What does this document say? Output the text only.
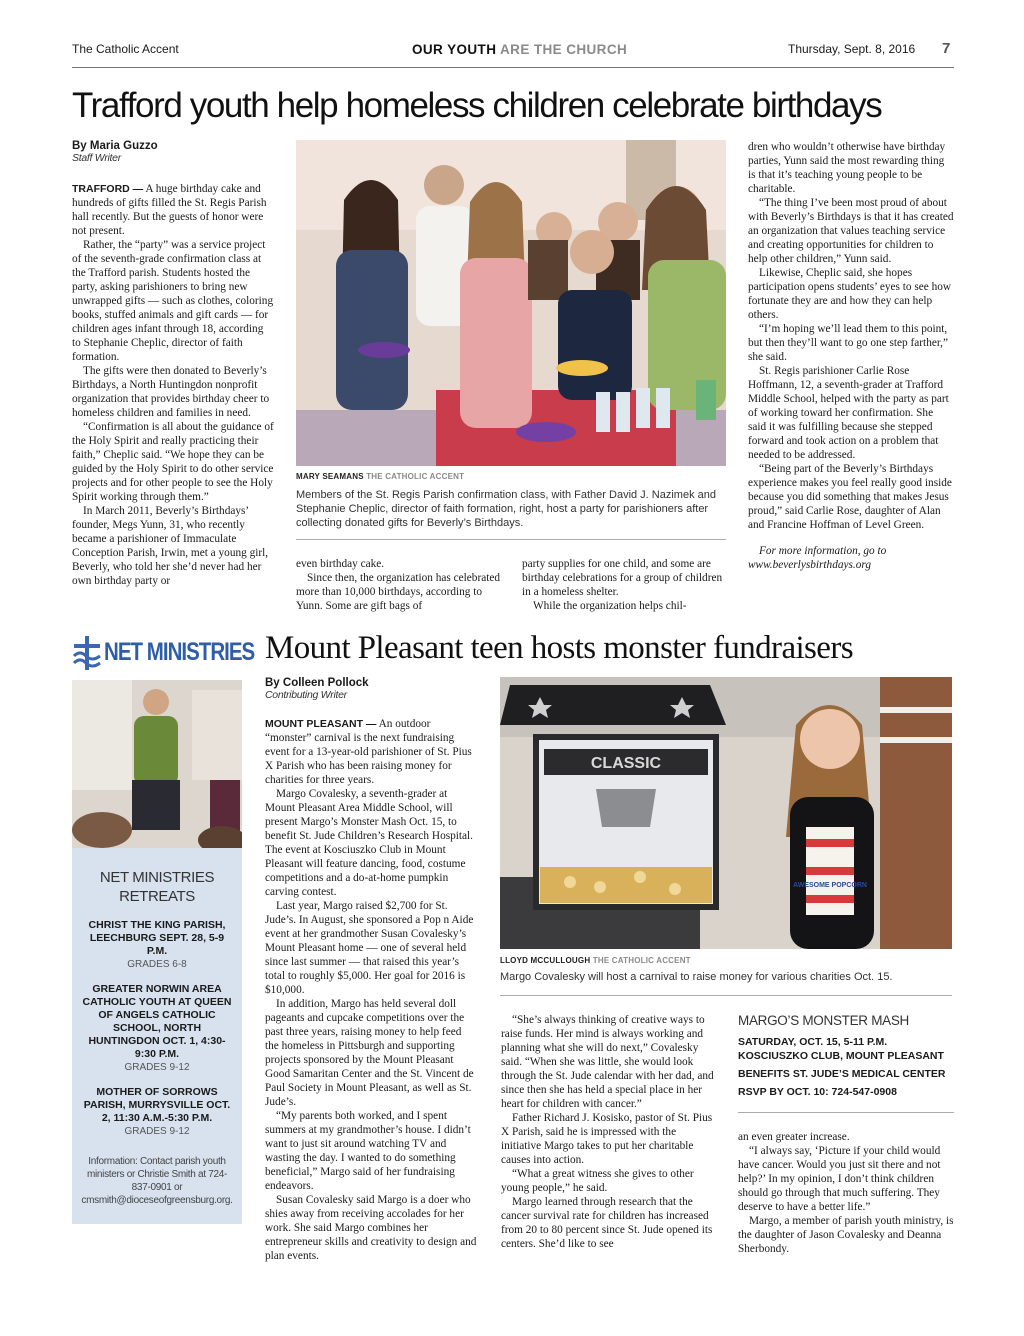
The Catholic Accent	OUR YOUTH ARE THE CHURCH	Thursday, Sept. 8, 2016 7
Trafford youth help homeless children celebrate birthdays
By Maria Guzzo
Staff Writer

TRAFFORD — A huge birthday cake and hundreds of gifts filled the St. Regis Parish hall recently. But the guests of honor were not present.

Rather, the “party” was a service project of the seventh-grade confirmation class at the Trafford parish. Students hosted the party, asking parishioners to bring new unwrapped gifts — such as clothes, coloring books, stuffed animals and gift cards — for children ages infant through 18, according to Stephanie Cheplic, director of faith formation.

The gifts were then donated to Beverly’s Birthdays, a North Huntingdon nonprofit organization that provides birthday cheer to homeless children and families in need.

“Confirmation is all about the guidance of the Holy Spirit and really practicing their faith,” Cheplic said. “We hope they can be guided by the Holy Spirit to do other service projects and for other people to see the Holy Spirit working through them.”

In March 2011, Beverly’s Birthdays’ founder, Megs Yunn, 31, who recently became a parishioner of Immaculate Conception Parish, Irwin, met a young girl, Beverly, who told her she’d never had her own birthday party or

MARY SEAMANS THE CATHOLIC ACCENT
Members of the St. Regis Parish confirmation class, with Father David J. Nazimek and Stephanie Cheplic, director of faith formation, right, host a party for parishioners after collecting donated gifts for Beverly’s Birthdays.

even birthday cake.

Since then, the organization has celebrated more than 10,000 birthdays, according to Yunn. Some are gift bags of

party supplies for one child, and some are birthday celebrations for a group of children in a homeless shelter.

While the organization helps chil-

dren who wouldn’t otherwise have birthday parties, Yunn said the most rewarding thing is that it’s teaching young people to be charitable.

“The thing I’ve been most proud of about with Beverly’s Birthdays is that it has created an organization that values teaching service and creating opportunities for children to help other children,” Yunn said.

Likewise, Cheplic said, she hopes participation opens students’ eyes to see how fortunate they are and how they can help others.

“I’m hoping we’ll lead them to this point, but then they’ll want to go one step farther,” she said.

St. Regis parishioner Carlie Rose Hoffmann, 12, a seventh-grader at Trafford Middle School, helped with the party as part of working toward her confirmation. She said it was fulfilling because she stepped forward and took action on a problem that needed to be addressed.

“Being part of the Beverly’s Birthdays experience makes you feel really good inside because you did something that makes Jesus proud,” said Carlie Rose, daughter of Alan and Francine Hoffman of Level Green.

For more information, go to www.beverlysbirthdays.org

NET MINISTRIES
NET MINISTRIES RETREATS
CHRIST THE KING PARISH, LEECHBURG SEPT. 28, 5-9 P.M.
GRADES 6-8
GREATER NORWIN AREA CATHOLIC YOUTH AT QUEEN OF ANGELS CATHOLIC SCHOOL, NORTH HUNTINGDON OCT. 1, 4:30-9:30 P.M.
GRADES 9-12
MOTHER OF SORROWS PARISH, MURRYSVILLE OCT. 2, 11:30 A.M.-5:30 P.M.
GRADES 9-12
Information: Contact parish youth ministers or Christie Smith at 724-837-0901 or cmsmith@dioceseofgreensburg.org.
Mount Pleasant teen hosts monster fundraisers
By Colleen Pollock
Contributing Writer

MOUNT PLEASANT — An outdoor “monster” carnival is the next fundraising event for a 13-year-old parishioner of St. Pius X Parish who has been raising money for charities for three years.

Margo Covalesky, a seventh-grader at Mount Pleasant Area Middle School, will present Margo’s Monster Mash Oct. 15, to benefit St. Jude Children’s Research Hospital. The event at Kosciuszko Club in Mount Pleasant will feature dancing, food, costume competitions and a do-at-home pumpkin carving contest.

Last year, Margo raised $2,700 for St. Jude’s. In August, she sponsored a Pop n Aide event at her grandmother Susan Covalesky’s Mount Pleasant home — one of several held since last summer — that raised this year’s total to roughly $5,000. Her goal for 2016 is $10,000.

In addition, Margo has held several doll pageants and cupcake competitions over the past three years, raising money to help feed the homeless in Pittsburgh and supporting projects sponsored by the Mount Pleasant Good Samaritan Center and the St. Vincent de Paul Society in Mount Pleasant, as well as St. Jude’s.

“My parents both worked, and I spent summers at my grandmother’s house. I didn’t want to just sit around watching TV and wasting the day. I wanted to do something beneficial,” Margo said of her fundraising endeavors.

Susan Covalesky said Margo is a doer who shies away from receiving accolades for her work. She said Margo combines her entrepreneur skills and creativity to design and plan events.

CLASSIC
AWESOME POPCORN
LLOYD MCCULLOUGH THE CATHOLIC ACCENT
Margo Covalesky will host a carnival to raise money for various charities Oct. 15.

“She’s always thinking of creative ways to raise funds. Her mind is always working and planning what she will do next,” Covalesky said. “When she was little, she would look through the St. Jude calendar with her dad, and since then she has held a special place in her heart for children with cancer.”

Father Richard J. Kosisko, pastor of St. Pius X Parish, said he is impressed with the initiative Margo takes to put her charitable causes into action.

“What a great witness she gives to other young people,” he said.

Margo learned through research that the cancer survival rate for children has increased from 20 to 80 percent since St. Jude opened its centers. She’d like to see

MARGO’S MONSTER MASH
SATURDAY, OCT. 15, 5-11 P.M.
KOSCIUSZKO CLUB, MOUNT PLEASANT
BENEFITS ST. JUDE’S MEDICAL CENTER
RSVP BY OCT. 10: 724-547-0908

an even greater increase.

“I always say, ‘Picture if your child would have cancer. Would you just sit there and not help?’ In my opinion, I don’t think children should go through that much suffering. They deserve to have a better life.”

Margo, a member of parish youth ministry, is the daughter of Jason Covalesky and Deanna Sherbondy.
